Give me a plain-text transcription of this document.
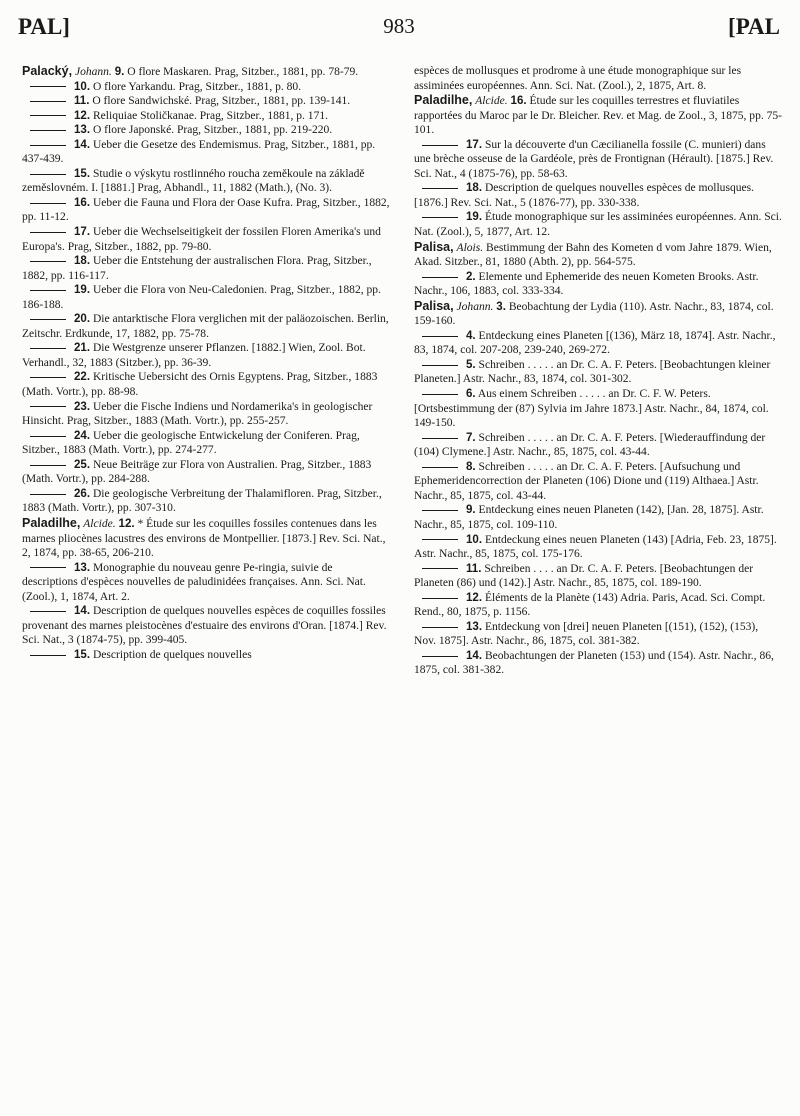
PAL]	983	[PAL

Palacký, Johann. 9. O flore Maskaren. Prag, Sitzber., 1881, pp. 78-79.

10. O flore Yarkandu. Prag, Sitzber., 1881, p. 80.

11. O flore Sandwichské. Prag, Sitzber., 1881, pp. 139-141.

12. Reliquiae Stoličkanae. Prag, Sitzber., 1881, p. 171.

13. O flore Japonské. Prag, Sitzber., 1881, pp. 219-220.

14. Ueber die Gesetze des Endemismus. Prag, Sitzber., 1881, pp. 437-439.

15. Studie o výskytu rostlinného roucha zeměkoule na základě zeměslovném. I. [1881.] Prag, Abhandl., 11, 1882 (Math.), (No. 3).

16. Ueber die Fauna und Flora der Oase Kufra. Prag, Sitzber., 1882, pp. 11-12.

17. Ueber die Wechselseitigkeit der fossilen Floren Amerika's und Europa's. Prag, Sitzber., 1882, pp. 79-80.

18. Ueber die Entstehung der australischen Flora. Prag, Sitzber., 1882, pp. 116-117.

19. Ueber die Flora von Neu-Caledonien. Prag, Sitzber., 1882, pp. 186-188.

20. Die antarktische Flora verglichen mit der paläozoischen. Berlin, Zeitschr. Erdkunde, 17, 1882, pp. 75-78.

21. Die Westgrenze unserer Pflanzen. [1882.] Wien, Zool. Bot. Verhandl., 32, 1883 (Sitzber.), pp. 36-39.

22. Kritische Uebersicht des Ornis Egyptens. Prag, Sitzber., 1883 (Math. Vortr.), pp. 88-98.

23. Ueber die Fische Indiens und Nordamerika's in geologischer Hinsicht. Prag, Sitzber., 1883 (Math. Vortr.), pp. 255-257.

24. Ueber die geologische Entwickelung der Coniferen. Prag, Sitzber., 1883 (Math. Vortr.), pp. 274-277.

25. Neue Beiträge zur Flora von Australien. Prag, Sitzber., 1883 (Math. Vortr.), pp. 284-288.

26. Die geologische Verbreitung der Thalamifloren. Prag, Sitzber., 1883 (Math. Vortr.), pp. 307-310.

Paladilhe, Alcide. 12. * Étude sur les coquilles fossiles contenues dans les marnes pliocènes lacustres des environs de Montpellier. [1873.] Rev. Sci. Nat., 2, 1874, pp. 38-65, 206-210.

13. Monographie du nouveau genre Pe-ringia, suivie de descriptions d'espèces nouvelles de paludinidées françaises. Ann. Sci. Nat. (Zool.), 1, 1874, Art. 2.

14. Description de quelques nouvelles espèces de coquilles fossiles provenant des marnes pleistocènes d'estuaire des environs d'Oran. [1874.] Rev. Sci. Nat., 3 (1874-75), pp. 399-405.

15. Description de quelques nouvelles

espèces de mollusques et prodrome à une étude monographique sur les assiminées européennes. Ann. Sci. Nat. (Zool.), 2, 1875, Art. 8.

Paladilhe, Alcide. 16. Étude sur les coquilles terrestres et fluviatiles rapportées du Maroc par le Dr. Bleicher. Rev. et Mag. de Zool., 3, 1875, pp. 75-101.

17. Sur la découverte d'un Cæcilianella fossile (C. munieri) dans une brèche osseuse de la Gardéole, près de Frontignan (Hérault). [1875.] Rev. Sci. Nat., 4 (1875-76), pp. 58-63.

18. Description de quelques nouvelles espèces de mollusques. [1876.] Rev. Sci. Nat., 5 (1876-77), pp. 330-338.

19. Étude monographique sur les assiminées européennes. Ann. Sci. Nat. (Zool.), 5, 1877, Art. 12.

Palisa, Alois. Bestimmung der Bahn des Kometen d vom Jahre 1879. Wien, Akad. Sitzber., 81, 1880 (Abth. 2), pp. 564-575.

2. Elemente und Ephemeride des neuen Kometen Brooks. Astr. Nachr., 106, 1883, col. 333-334.

Palisa, Johann. 3. Beobachtung der Lydia (110). Astr. Nachr., 83, 1874, col. 159-160.

4. Entdeckung eines Planeten [(136), März 18, 1874]. Astr. Nachr., 83, 1874, col. 207-208, 239-240, 269-272.

5. Schreiben . . . . . an Dr. C. A. F. Peters. [Beobachtungen kleiner Planeten.] Astr. Nachr., 83, 1874, col. 301-302.

6. Aus einem Schreiben . . . . . an Dr. C. F. W. Peters. [Ortsbestimmung der (87) Sylvia im Jahre 1873.] Astr. Nachr., 84, 1874, col. 149-150.

7. Schreiben . . . . . an Dr. C. A. F. Peters. [Wiederauffindung der (104) Clymene.] Astr. Nachr., 85, 1875, col. 43-44.

8. Schreiben . . . . . an Dr. C. A. F. Peters. [Aufsuchung und Ephemeridencorrection der Planeten (106) Dione und (119) Althaea.] Astr. Nachr., 85, 1875, col. 43-44.

9. Entdeckung eines neuen Planeten (142), [Jan. 28, 1875]. Astr. Nachr., 85, 1875, col. 109-110.

10. Entdeckung eines neuen Planeten (143) [Adria, Feb. 23, 1875]. Astr. Nachr., 85, 1875, col. 175-176.

11. Schreiben . . . . an Dr. C. A. F. Peters. [Beobachtungen der Planeten (86) und (142).] Astr. Nachr., 85, 1875, col. 189-190.

12. Éléments de la Planète (143) Adria. Paris, Acad. Sci. Compt. Rend., 80, 1875, p. 1156.

13. Entdeckung von [drei] neuen Planeten [(151), (152), (153), Nov. 1875]. Astr. Nachr., 86, 1875, col. 381-382.

14. Beobachtungen der Planeten (153) und (154). Astr. Nachr., 86, 1875, col. 381-382.
